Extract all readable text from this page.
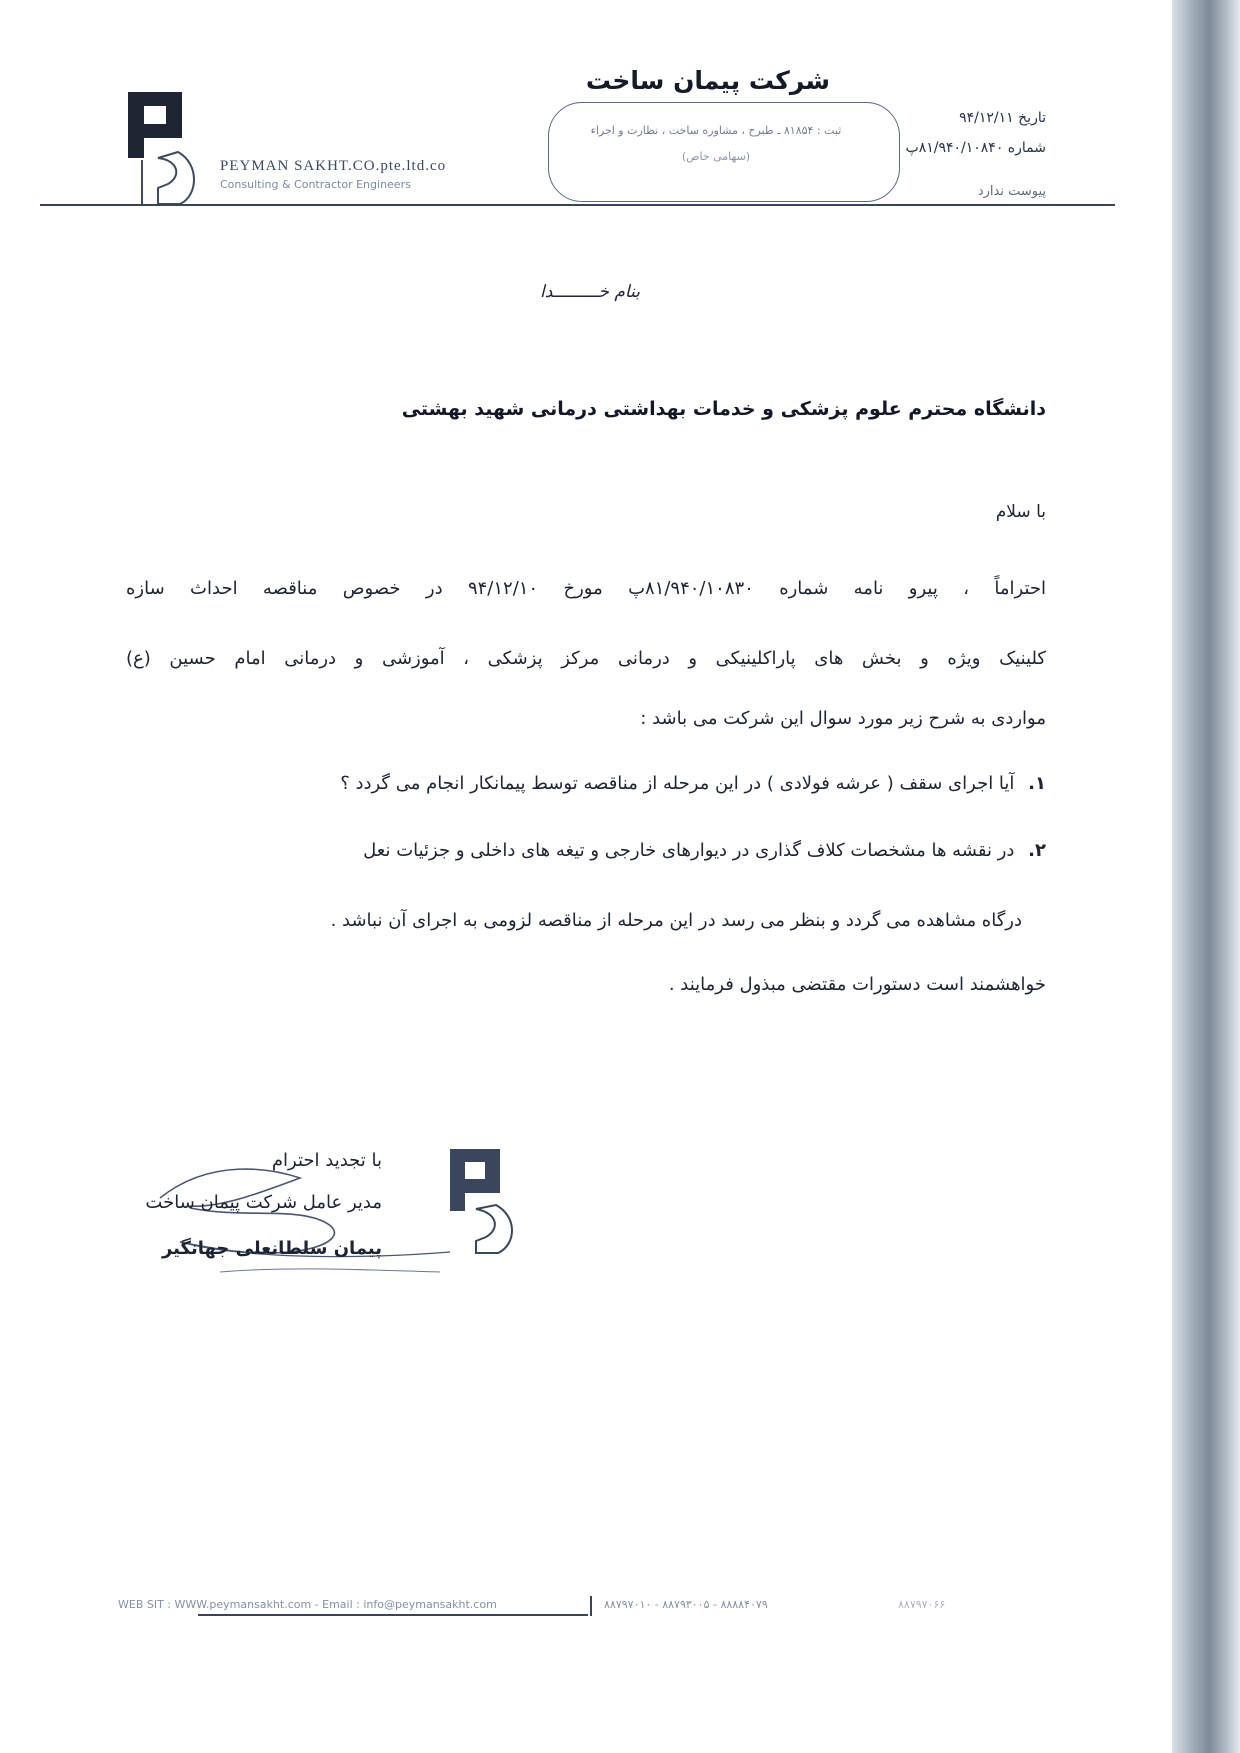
PEYMAN SAKHT.CO.pte.ltd.co
Consulting & Contractor Engineers
شرکت پیمان ساخت
ثبت : ۸۱۸۵۴ ـ طبرح ، مشاوره ساخت ، نظارت و اجراء
(سهامی خاص)
تاریخ ۹۴/۱۲/۱۱
شماره ۸۱/۹۴۰/۱۰۸۴۰پ
پیوست ندارد
بنام خـــــــــدا
دانشگاه محترم علوم پزشکی و خدمات بهداشتی درمانی شهید بهشتی
با سلام
احتراماً ، پیرو نامه شماره ۸۱/۹۴۰/۱۰۸۳۰پ مورخ ۹۴/۱۲/۱۰ در خصوص مناقصه احداث سازه
کلینیک ویژه و بخش های پاراکلینیکی و درمانی مرکز پزشکی ، آموزشی و درمانی امام حسین (ع)
مواردی به شرح زیر مورد سوال این شرکت می باشد :
۱. آیا اجرای سقف ( عرشه فولادی ) در این مرحله از مناقصه توسط پیمانکار انجام می گردد ؟
۲. در نقشه ها مشخصات کلاف گذاری در دیوارهای خارجی و تیغه های داخلی و جزئیات نعل
درگاه مشاهده می گردد و بنظر می رسد در این مرحله از مناقصه لزومی به اجرای آن نباشد .
خواهشمند است دستورات مقتضی مبذول فرمایند .
با تجدید احترام
مدیر عامل شرکت پیمان ساخت
پیمان سلطانعلی جهانگیر
WEB SIT : WWW.peymansakht.com - Email : info@peymansakht.com	۸۸۷۹۷۰۱۰ - ۸۸۷۹۳۰۰۵ - ۸۸۸۸۴۰۷۹	۸۸۷۹۷۰۶۶
